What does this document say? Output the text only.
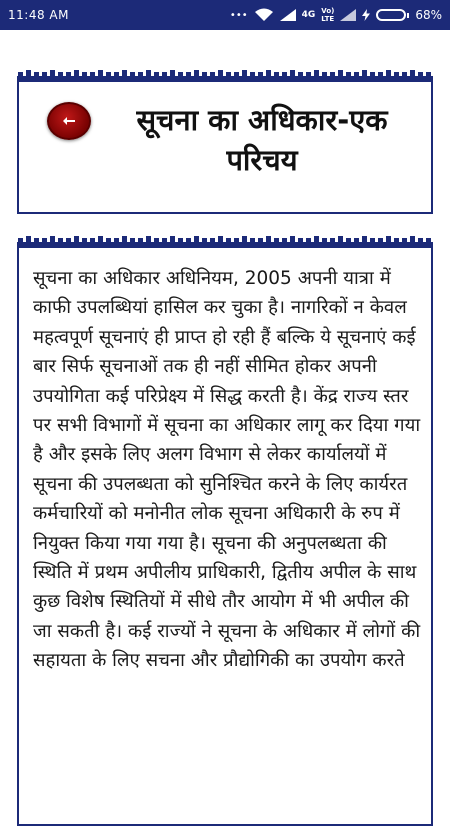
11:48 AM	•••	4G Vo)
LTE	68%
सूचना का अधिकार-एक परिचय

सूचना का अधिकार अधिनियम, 2005 अपनी यात्रा में काफी उपलब्धियां हासिल कर चुका है। नागरिकों न केवल महत्वपूर्ण सूचनाएं ही प्राप्त हो रही हैं बल्कि ये सूचनाएं कई बार सिर्फ सूचनाओं तक ही नहीं सीमित होकर अपनी उपयोगिता कई परिप्रेक्ष्य में सिद्ध करती है। केंद्र राज्य स्तर पर सभी विभागों में सूचना का अधिकार लागू कर दिया गया है और इसके लिए अलग विभाग से लेकर कार्यालयों में सूचना की उपलब्धता को सुनिश्चित करने के लिए कार्यरत कर्मचारियों को मनोनीत लोक सूचना अधिकारी के रुप में नियुक्त किया गया गया है। सूचना की अनुपलब्धता की स्थिति में प्रथम अपीलीय प्राधिकारी, द्वितीय अपील के साथ कुछ विशेष स्थितियों में सीधे तौर आयोग में भी अपील की जा सकती है। कई राज्यों ने सूचना के अधिकार में लोगों की सहायता के लिए सचना और प्रौद्योगिकी का उपयोग करते
